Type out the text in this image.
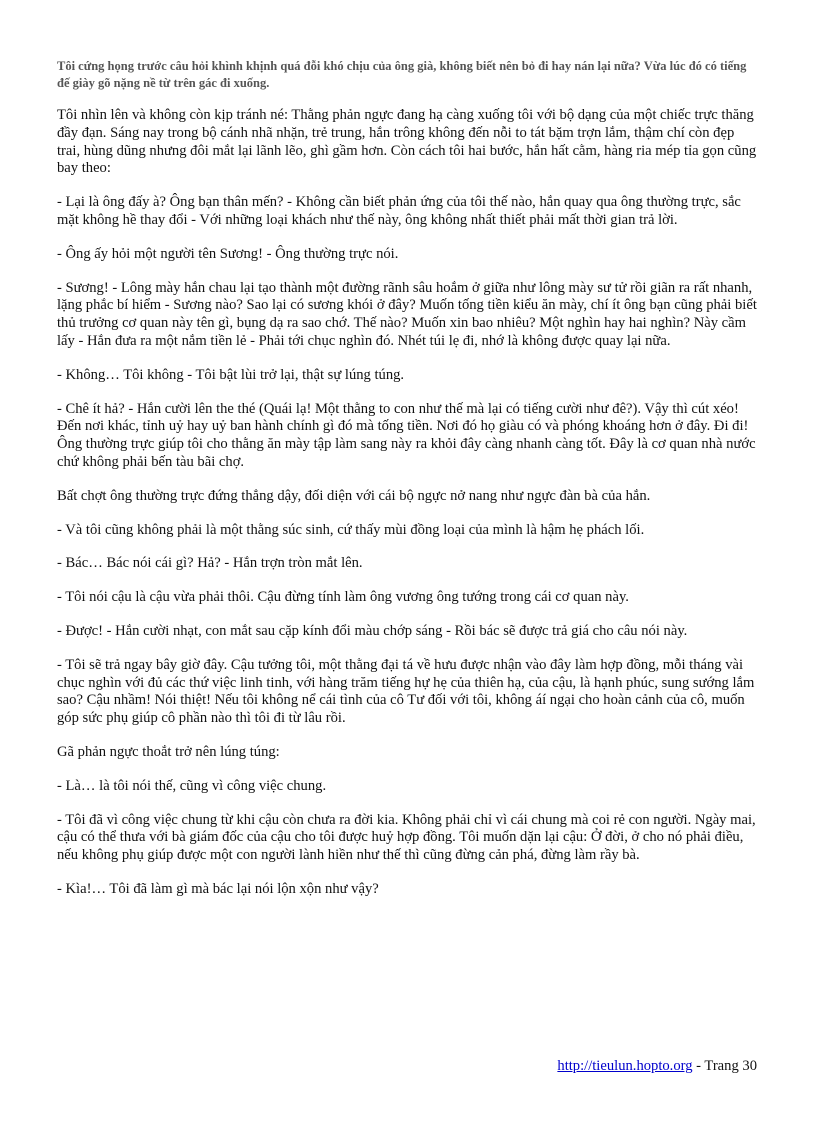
Tôi cứng họng trước câu hỏi khình khịnh quá đỗi khó chịu của ông già, không biết nên bỏ đi hay nán lại nữa? Vừa lúc đó có tiếng đế giày gõ nặng nề từ trên gác đi xuống.

Tôi nhìn lên và không còn kịp tránh né: Thằng phản ngực đang hạ càng xuống tôi với bộ dạng của một chiếc trực thăng đầy đạn. Sáng nay trong bộ cánh nhã nhặn, trẻ trung, hắn trông không đến nỗi to tát bặm trợn lắm, thậm chí còn đẹp trai, hùng dũng nhưng đôi mắt lại lãnh lẽo, ghì gầm hơn. Còn cách tôi hai bước, hắn hất cằm, hàng ria mép tỉa gọn cũng bay theo:

- Lại là ông đấy à? Ông bạn thân mến? - Không cần biết phản ứng của tôi thế nào, hắn quay qua ông thường trực, sắc mặt không hề thay đổi - Với những loại khách như thế này, ông không nhất thiết phải mất thời gian trả lời.

- Ông ấy hỏi một người tên Sương! - Ông thường trực nói.

- Sương! - Lông mày hắn chau lại tạo thành một đường rãnh sâu hoắm ở giữa như lông mày sư tử rồi giãn ra rất nhanh, lặng phắc bí hiểm - Sương nào? Sao lại có sương khói ở đây? Muốn tống tiền kiểu ăn mày, chí ít ông bạn cũng phải biết thủ trưởng cơ quan này tên gì, bụng dạ ra sao chớ. Thế nào? Muốn xin bao nhiêu? Một nghìn hay hai nghìn? Này cầm lấy - Hắn đưa ra một nắm tiền lẻ - Phải tới chục nghìn đó. Nhét túi lẹ đi, nhớ là không được quay lại nữa.

- Không… Tôi không - Tôi bật lùi trở lại, thật sự lúng túng.

- Chê ít hả? - Hắn cười lên the thé (Quái lạ! Một thằng to con như thế mà lại có tiếng cười như đê?). Vậy thì cút xéo! Đến nơi khác, tỉnh uỷ hay uỷ ban hành chính gì đó mà tống tiền. Nơi đó họ giàu có và phóng khoáng hơn ở đây. Đi đi! Ông thường trực giúp tôi cho thằng ăn mày tập làm sang này ra khỏi đây càng nhanh càng tốt. Đây là cơ quan nhà nước chứ không phải bến tàu bãi chợ.

Bất chợt ông thường trực đứng thẳng dậy, đối diện với cái bộ ngực nở nang như ngực đàn bà của hắn.

- Và tôi cũng không phải là một thằng súc sinh, cứ thấy mùi đồng loại của mình là hậm hẹ phách lối.

- Bác… Bác nói cái gì? Hả? - Hắn trợn tròn mắt lên.

- Tôi nói cậu là cậu vừa phải thôi. Cậu đừng tính làm ông vương ông tướng trong cái cơ quan này.

- Được! - Hắn cười nhạt, con mắt sau cặp kính đổi màu chớp sáng - Rồi bác sẽ được trả giá cho câu nói này.

- Tôi sẽ trả ngay bây giờ đây. Cậu tưởng tôi, một thằng đại tá về hưu được nhận vào đây làm hợp đồng, mỗi tháng vài chục nghìn với đủ các thứ việc linh tinh, với hàng trăm tiếng hự hẹ của thiên hạ, của cậu, là hạnh phúc, sung sướng lắm sao? Cậu nhầm! Nói thiệt! Nếu tôi không nể cái tình của cô Tư đối với tôi, không áí ngại cho hoàn cảnh của cô, muốn góp sức phụ giúp cô phần nào thì tôi đi từ lâu rồi.

Gã phản ngực thoắt trở nên lúng túng:

- Là… là tôi nói thế, cũng vì công việc chung.

- Tôi đã vì công việc chung từ khi cậu còn chưa ra đời kia. Không phải chỉ vì cái chung mà coi rẻ con người. Ngày mai, cậu có thể thưa với bà giám đốc của cậu cho tôi được huỷ hợp đồng. Tôi muốn dặn lại cậu: Ở đời, ở cho nó phải điều, nếu không phụ giúp được một con người lành hiền như thế thì cũng đừng cản phá, đừng làm rầy bà.

- Kìa!… Tôi đã làm gì mà bác lại nói lộn xộn như vậy?

http://tieulun.hopto.org - Trang 30
